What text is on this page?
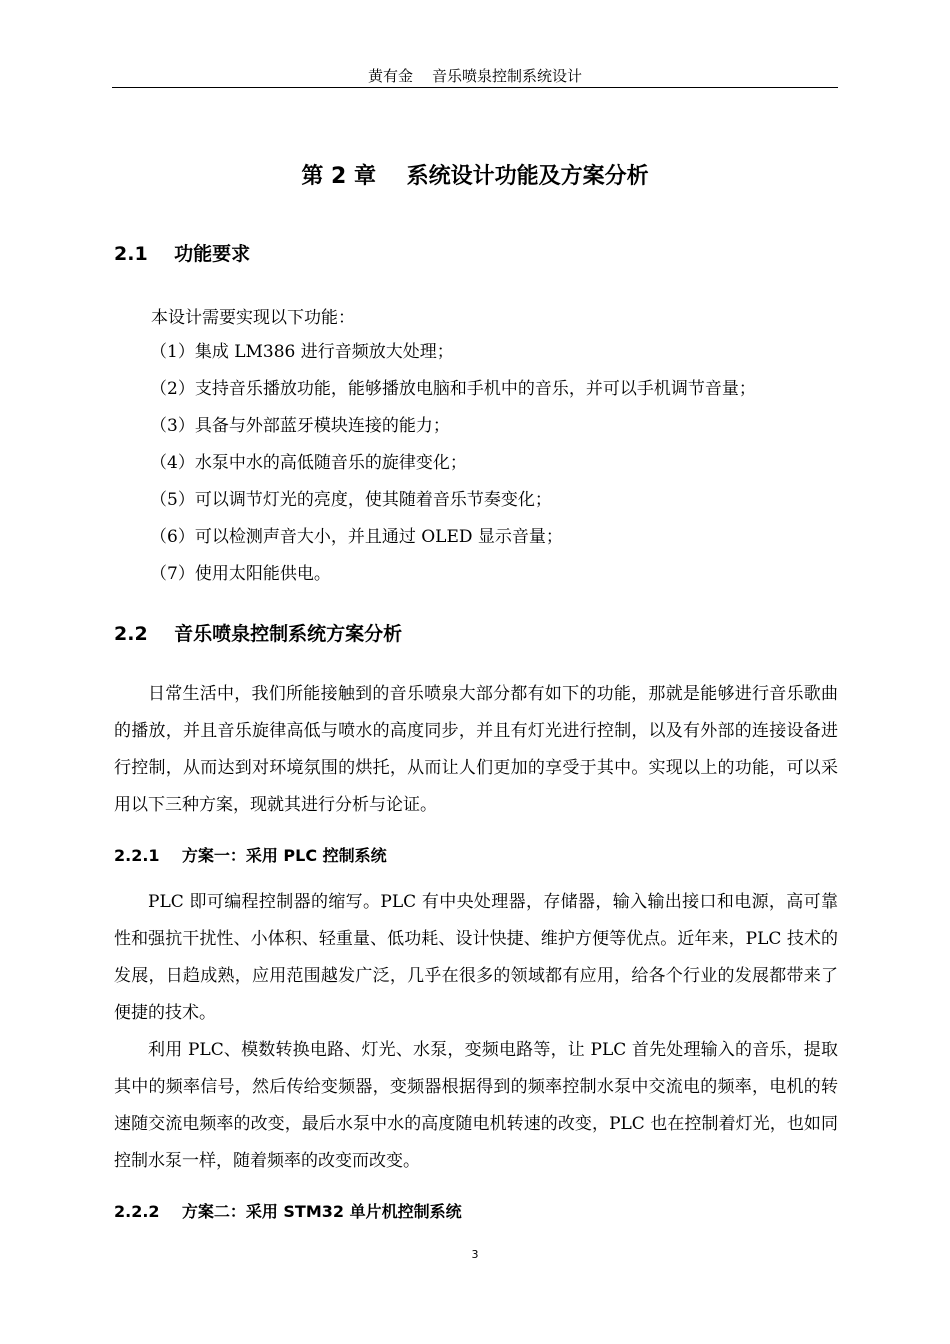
黄有金    音乐喷泉控制系统设计
第 2 章    系统设计功能及方案分析
2.1    功能要求
本设计需要实现以下功能：
（1）集成 LM386 进行音频放大处理；
（2）支持音乐播放功能，能够播放电脑和手机中的音乐，并可以手机调节音量；
（3）具备与外部蓝牙模块连接的能力；
（4）水泵中水的高低随音乐的旋律变化；
（5）可以调节灯光的亮度，使其随着音乐节奏变化；
（6）可以检测声音大小，并且通过 OLED 显示音量；
（7）使用太阳能供电。
2.2    音乐喷泉控制系统方案分析

日常生活中，我们所能接触到的音乐喷泉大部分都有如下的功能，那就是能够进行音乐歌曲的播放，并且音乐旋律高低与喷水的高度同步，并且有灯光进行控制，以及有外部的连接设备进行控制，从而达到对环境氛围的烘托，从而让人们更加的享受于其中。实现以上的功能，可以采用以下三种方案，现就其进行分析与论证。

2.2.1    方案一：采用 PLC 控制系统

PLC 即可编程控制器的缩写。PLC 有中央处理器，存储器，输入输出接口和电源，高可靠性和强抗干扰性、小体积、轻重量、低功耗、设计快捷、维护方便等优点。近年来，PLC 技术的发展，日趋成熟，应用范围越发广泛，几乎在很多的领域都有应用，给各个行业的发展都带来了便捷的技术。

利用 PLC、模数转换电路、灯光、水泵，变频电路等，让 PLC 首先处理输入的音乐，提取其中的频率信号，然后传给变频器，变频器根据得到的频率控制水泵中交流电的频率，电机的转速随交流电频率的改变，最后水泵中水的高度随电机转速的改变，PLC 也在控制着灯光，也如同控制水泵一样，随着频率的改变而改变。

2.2.2    方案二：采用 STM32 单片机控制系统
3
